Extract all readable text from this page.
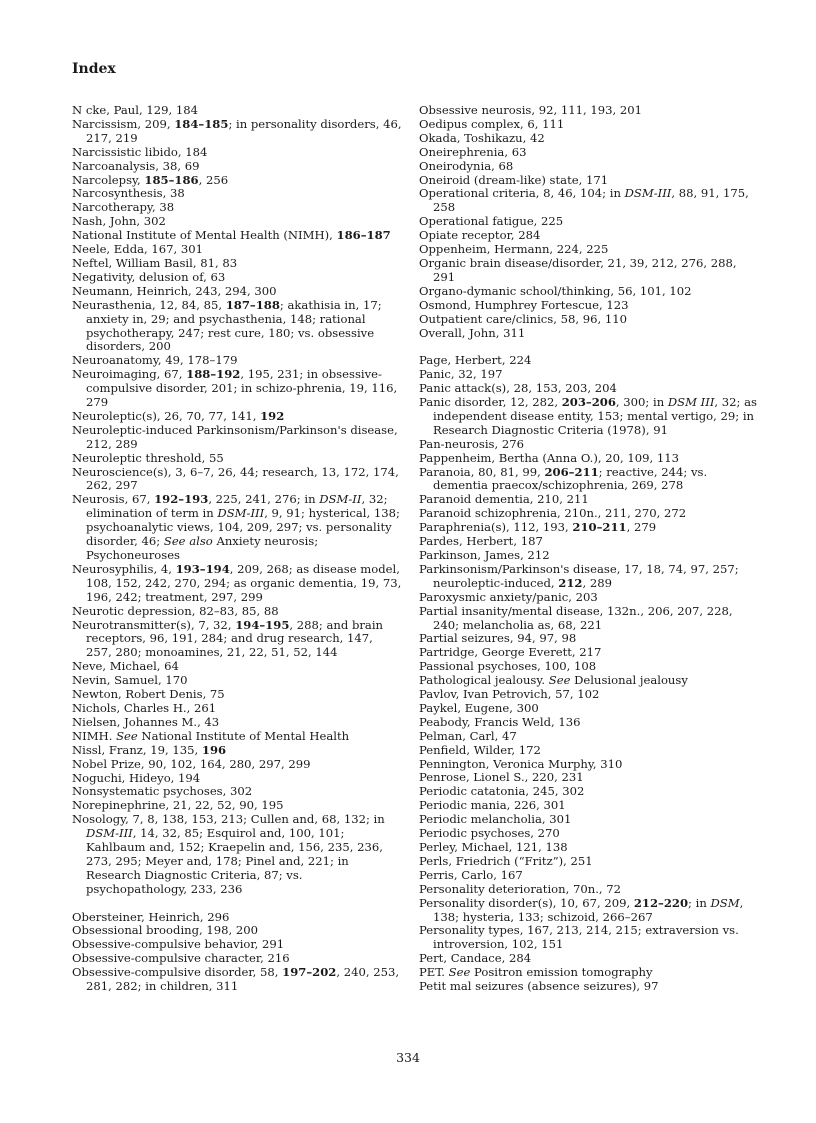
Index
N cke, Paul, 129, 184
Narcissism, 209, 184–185; in personality disorders, 46, 217, 219
Narcissistic libido, 184
Narcoanalysis, 38, 69
Narcolepsy, 185–186, 256
Narcosynthesis, 38
Narcotherapy, 38
Nash, John, 302
National Institute of Mental Health (NIMH), 186–187
Neele, Edda, 167, 301
Neftel, William Basil, 81, 83
Negativity, delusion of, 63
Neumann, Heinrich, 243, 294, 300
Neurasthenia, 12, 84, 85, 187–188; akathisia in, 17; anxiety in, 29; and psychasthenia, 148; rational psychotherapy, 247; rest cure, 180; vs. obsessive disorders, 200
Neuroanatomy, 49, 178–179
Neuroimaging, 67, 188–192, 195, 231; in obsessive-compulsive disorder, 201; in schizo-phrenia, 19, 116, 279
Neuroleptic(s), 26, 70, 77, 141, 192
Neuroleptic-induced Parkinsonism/Parkinson's disease, 212, 289
Neuroleptic threshold, 55
Neuroscience(s), 3, 6–7, 26, 44; research, 13, 172, 174, 262, 297
Neurosis, 67, 192–193, 225, 241, 276; in DSM-II, 32; elimination of term in DSM-III, 9, 91; hysterical, 138; psychoanalytic views, 104, 209, 297; vs. personality disorder, 46; See also Anxiety neurosis; Psychoneuroses
Neurosyphilis, 4, 193–194, 209, 268; as disease model, 108, 152, 242, 270, 294; as organic dementia, 19, 73, 196, 242; treatment, 297, 299
Neurotic depression, 82–83, 85, 88
Neurotransmitter(s), 7, 32, 194–195, 288; and brain receptors, 96, 191, 284; and drug research, 147, 257, 280; monoamines, 21, 22, 51, 52, 144
Neve, Michael, 64
Nevin, Samuel, 170
Newton, Robert Denis, 75
Nichols, Charles H., 261
Nielsen, Johannes M., 43
NIMH. See National Institute of Mental Health
Nissl, Franz, 19, 135, 196
Nobel Prize, 90, 102, 164, 280, 297, 299
Noguchi, Hideyo, 194
Nonsystematic psychoses, 302
Norepinephrine, 21, 22, 52, 90, 195
Nosology, 7, 8, 138, 153, 213; Cullen and, 68, 132; in DSM-III, 14, 32, 85; Esquirol and, 100, 101; Kahlbaum and, 152; Kraepelin and, 156, 235, 236, 273, 295; Meyer and, 178; Pinel and, 221; in Research Diagnostic Criteria, 87; vs. psychopathology, 233, 236
Obersteiner, Heinrich, 296
Obsessional brooding, 198, 200
Obsessive-compulsive behavior, 291
Obsessive-compulsive character, 216
Obsessive-compulsive disorder, 58, 197–202, 240, 253, 281, 282; in children, 311
Obsessive neurosis, 92, 111, 193, 201
Oedipus complex, 6, 111
Okada, Toshikazu, 42
Oneirephrenia, 63
Oneirodynia, 68
Oneiroid (dream-like) state, 171
Operational criteria, 8, 46, 104; in DSM-III, 88, 91, 175, 258
Operational fatigue, 225
Opiate receptor, 284
Oppenheim, Hermann, 224, 225
Organic brain disease/disorder, 21, 39, 212, 276, 288, 291
Organo-dymanic school/thinking, 56, 101, 102
Osmond, Humphrey Fortescue, 123
Outpatient care/clinics, 58, 96, 110
Overall, John, 311
Page, Herbert, 224
Panic, 32, 197
Panic attack(s), 28, 153, 203, 204
Panic disorder, 12, 282, 203–206, 300; in DSM III, 32; as independent disease entity, 153; mental vertigo, 29; in Research Diagnostic Criteria (1978), 91
Pan-neurosis, 276
Pappenheim, Bertha (Anna O.), 20, 109, 113
Paranoia, 80, 81, 99, 206–211; reactive, 244; vs. dementia praecox/schizophrenia, 269, 278
Paranoid dementia, 210, 211
Paranoid schizophrenia, 210n., 211, 270, 272
Paraphrenia(s), 112, 193, 210–211, 279
Pardes, Herbert, 187
Parkinson, James, 212
Parkinsonism/Parkinson's disease, 17, 18, 74, 97, 257; neuroleptic-induced, 212, 289
Paroxysmic anxiety/panic, 203
Partial insanity/mental disease, 132n., 206, 207, 228, 240; melancholia as, 68, 221
Partial seizures, 94, 97, 98
Partridge, George Everett, 217
Passional psychoses, 100, 108
Pathological jealousy. See Delusional jealousy
Pavlov, Ivan Petrovich, 57, 102
Paykel, Eugene, 300
Peabody, Francis Weld, 136
Pelman, Carl, 47
Penfield, Wilder, 172
Pennington, Veronica Murphy, 310
Penrose, Lionel S., 220, 231
Periodic catatonia, 245, 302
Periodic mania, 226, 301
Periodic melancholia, 301
Periodic psychoses, 270
Perley, Michael, 121, 138
Perls, Friedrich (“Fritz”), 251
Perris, Carlo, 167
Personality deterioration, 70n., 72
Personality disorder(s), 10, 67, 209, 212–220; in DSM, 138; hysteria, 133; schizoid, 266–267
Personality types, 167, 213, 214, 215; extraversion vs. introversion, 102, 151
Pert, Candace, 284
PET. See Positron emission tomography
Petit mal seizures (absence seizures), 97
334
